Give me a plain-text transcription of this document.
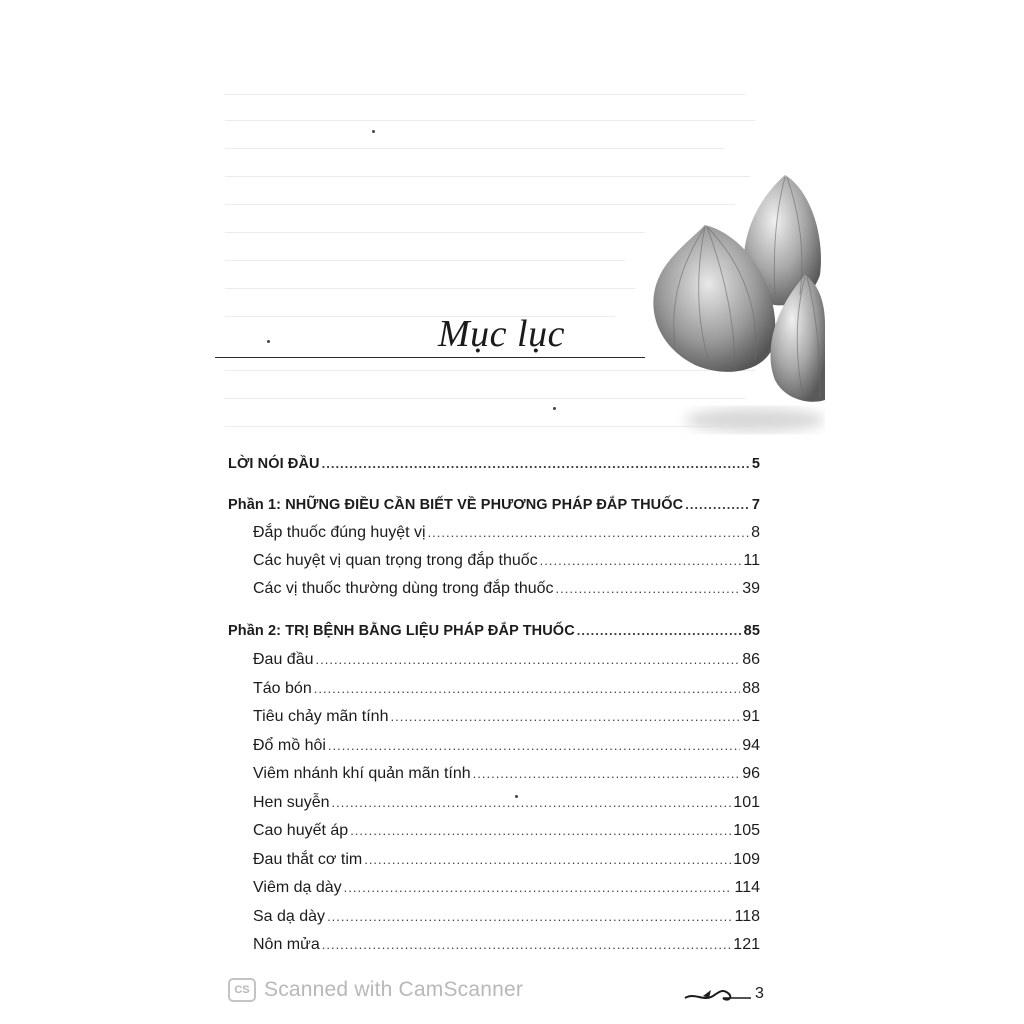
Mục lục
LỜI NÓI ĐẦU .....	5
Phần 1: NHỮNG ĐIỀU CẦN BIẾT VỀ PHƯƠNG PHÁP ĐẮP THUỐC .....	7
Đắp thuốc đúng huyệt vị .....	8
Các huyệt vị quan trọng trong đắp thuốc .....	11
Các vị thuốc thường dùng trong đắp thuốc .....	39
Phần 2: TRỊ BỆNH BẰNG LIỆU PHÁP ĐẮP THUỐC .....	85
Đau đầu .....	86
Táo bón .....	88
Tiêu chảy mãn tính .....	91
Đổ mồ hôi .....	94
Viêm nhánh khí quản mãn tính .....	96
Hen suyễn .....	101
Cao huyết áp .....	105
Đau thắt cơ tim .....	109
Viêm dạ dày .....	114
Sa dạ dày .....	118
Nôn mửa .....	121
CS Scanned with CamScanner	3
